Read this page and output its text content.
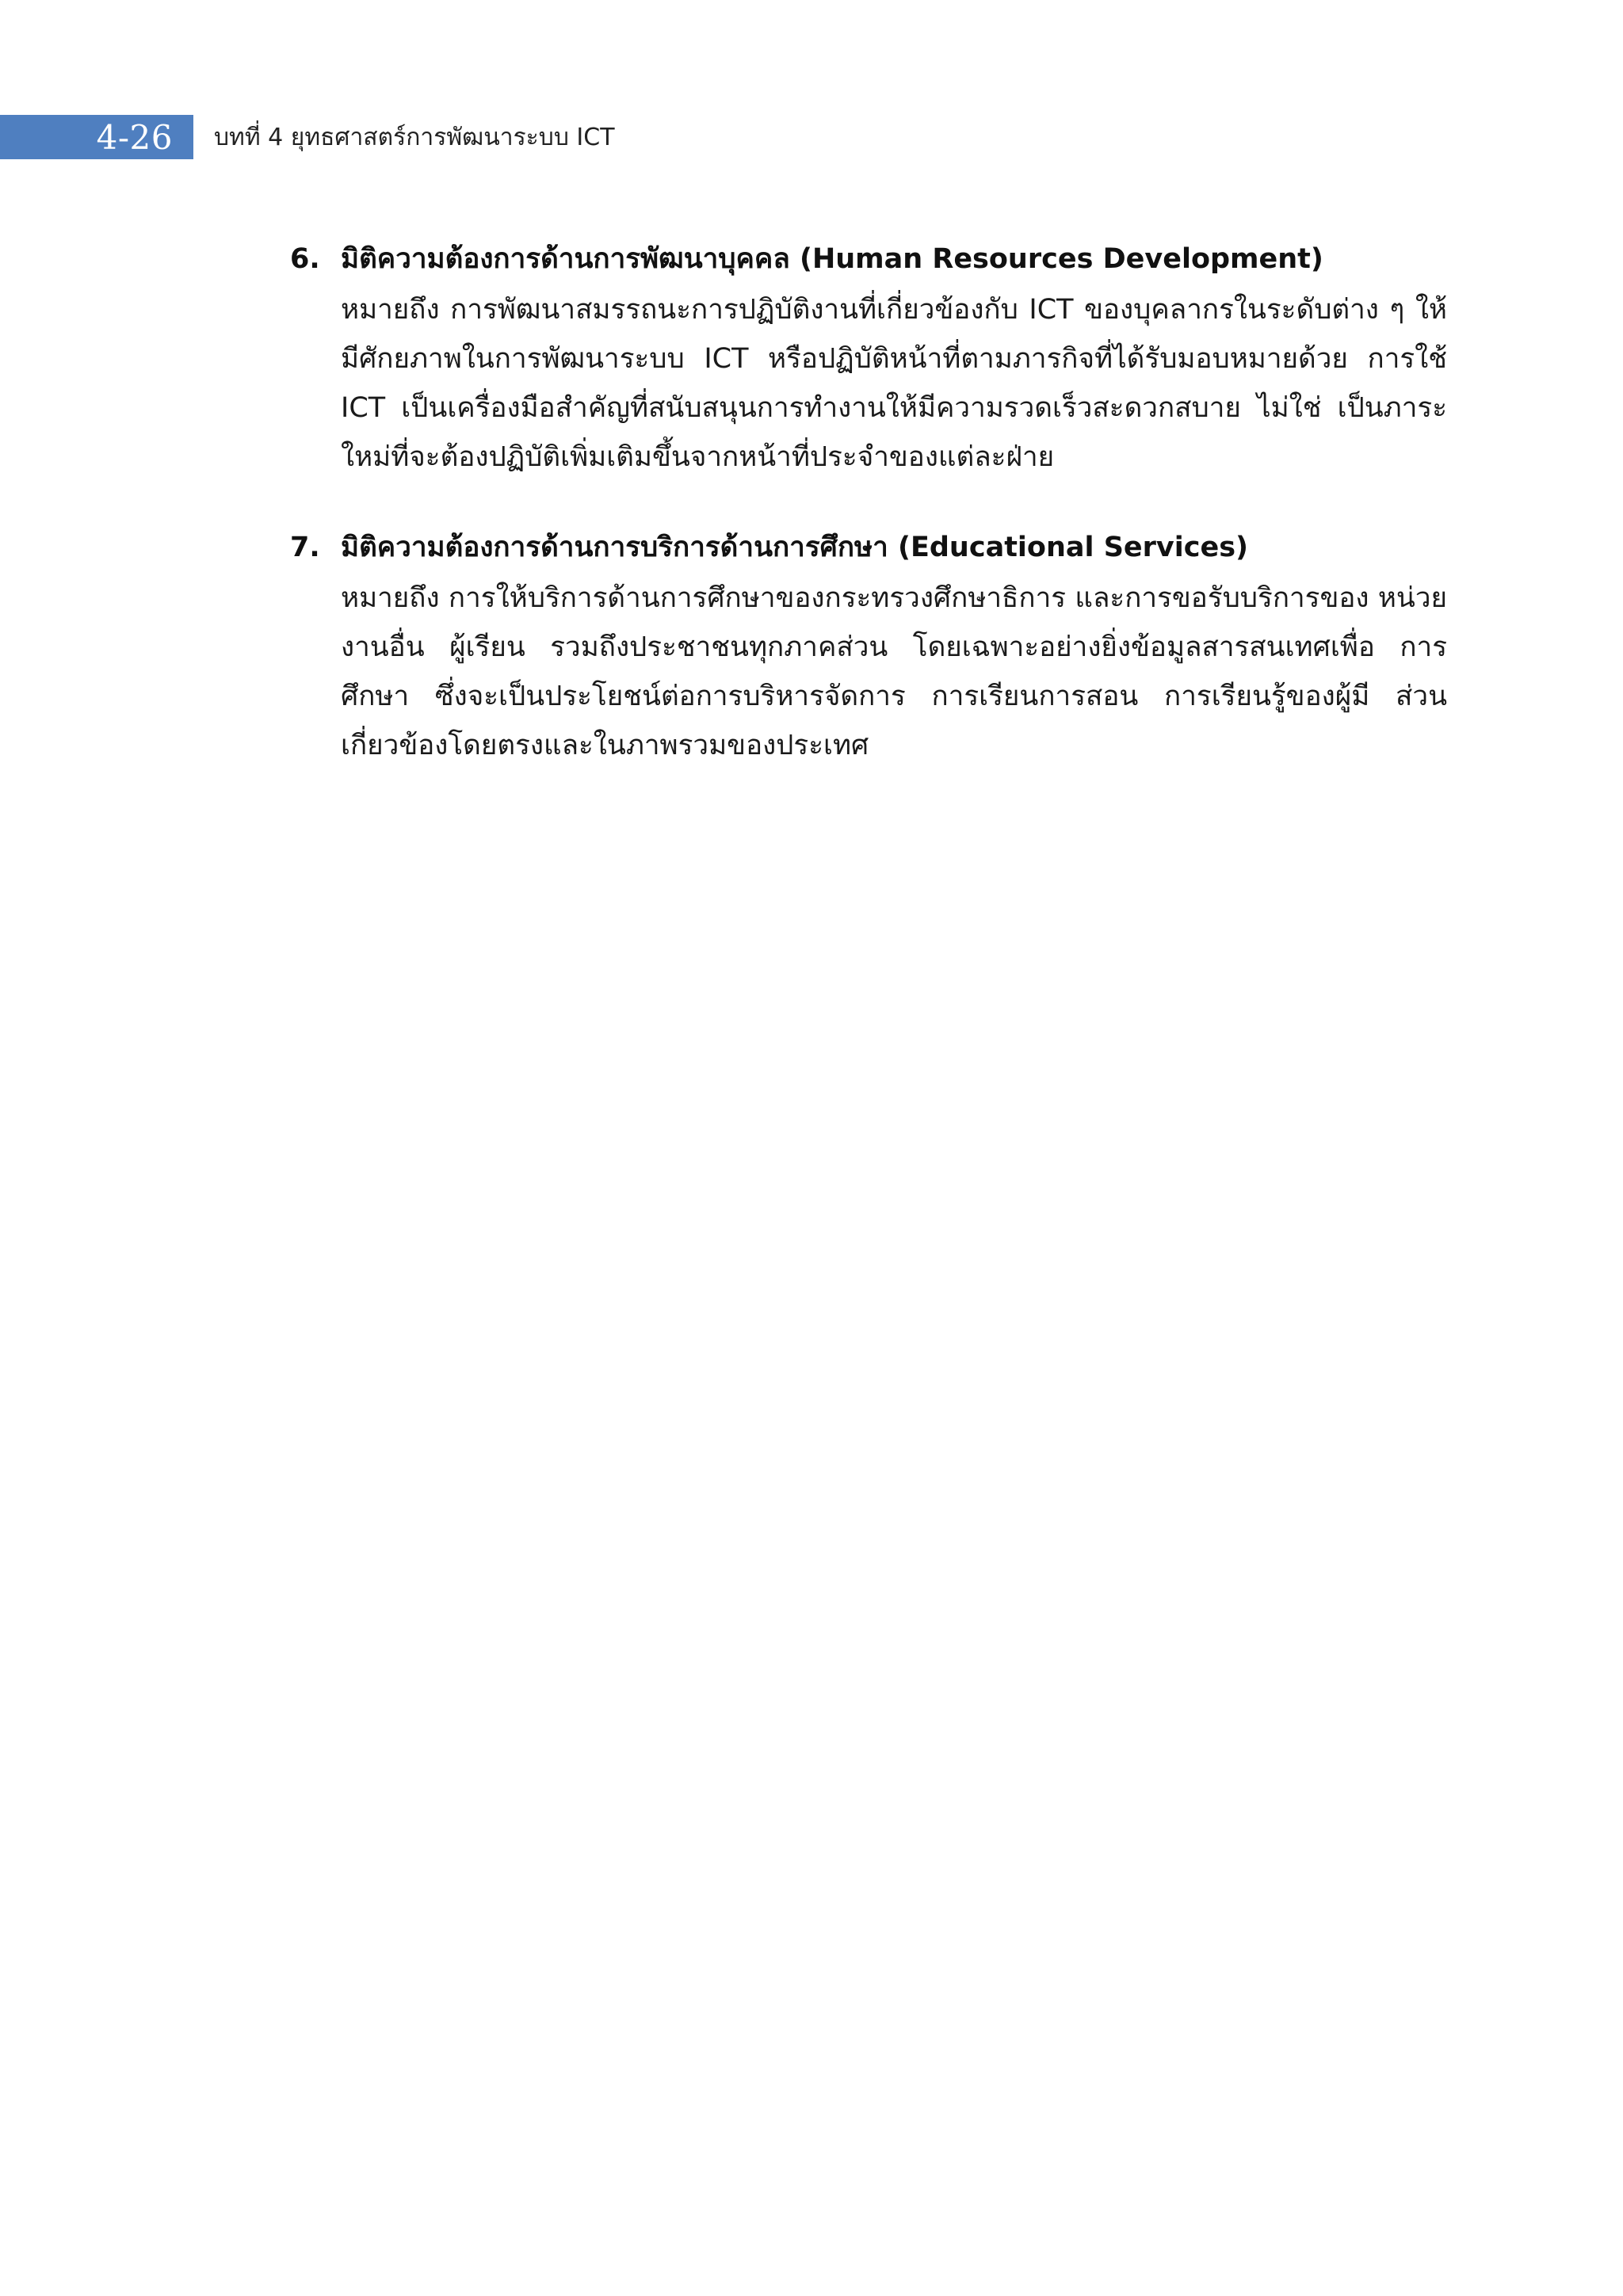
4-26 บทที่ 4 ยุทธศาสตร์การพัฒนาระบบ ICT
6. มิติความต้องการด้านการพัฒนาบุคคล (Human Resources Development)
หมายถึง การพัฒนาสมรรถนะการปฏิบัติงานที่เกี่ยวข้องกับ ICT ของบุคลากรในระดับต่าง ๆ ให้มีศักยภาพในการพัฒนาระบบ ICT หรือปฏิบัติหน้าที่ตามภารกิจที่ได้รับมอบหมายด้วย การใช้ ICT เป็นเครื่องมือสำคัญที่สนับสนุนการทำงานให้มีความรวดเร็วสะดวกสบาย ไม่ใช่ เป็นภาระใหม่ที่จะต้องปฏิบัติเพิ่มเติมขึ้นจากหน้าที่ประจำของแต่ละฝ่าย
7. มิติความต้องการด้านการบริการด้านการศึกษา (Educational Services)
หมายถึง การให้บริการด้านการศึกษาของกระทรวงศึกษาธิการ และการขอรับบริการของ หน่วยงานอื่น ผู้เรียน รวมถึงประชาชนทุกภาคส่วน โดยเฉพาะอย่างยิ่งข้อมูลสารสนเทศเพื่อ การศึกษา ซึ่งจะเป็นประโยชน์ต่อการบริหารจัดการ การเรียนการสอน การเรียนรู้ของผู้มี ส่วนเกี่ยวข้องโดยตรงและในภาพรวมของประเทศ
